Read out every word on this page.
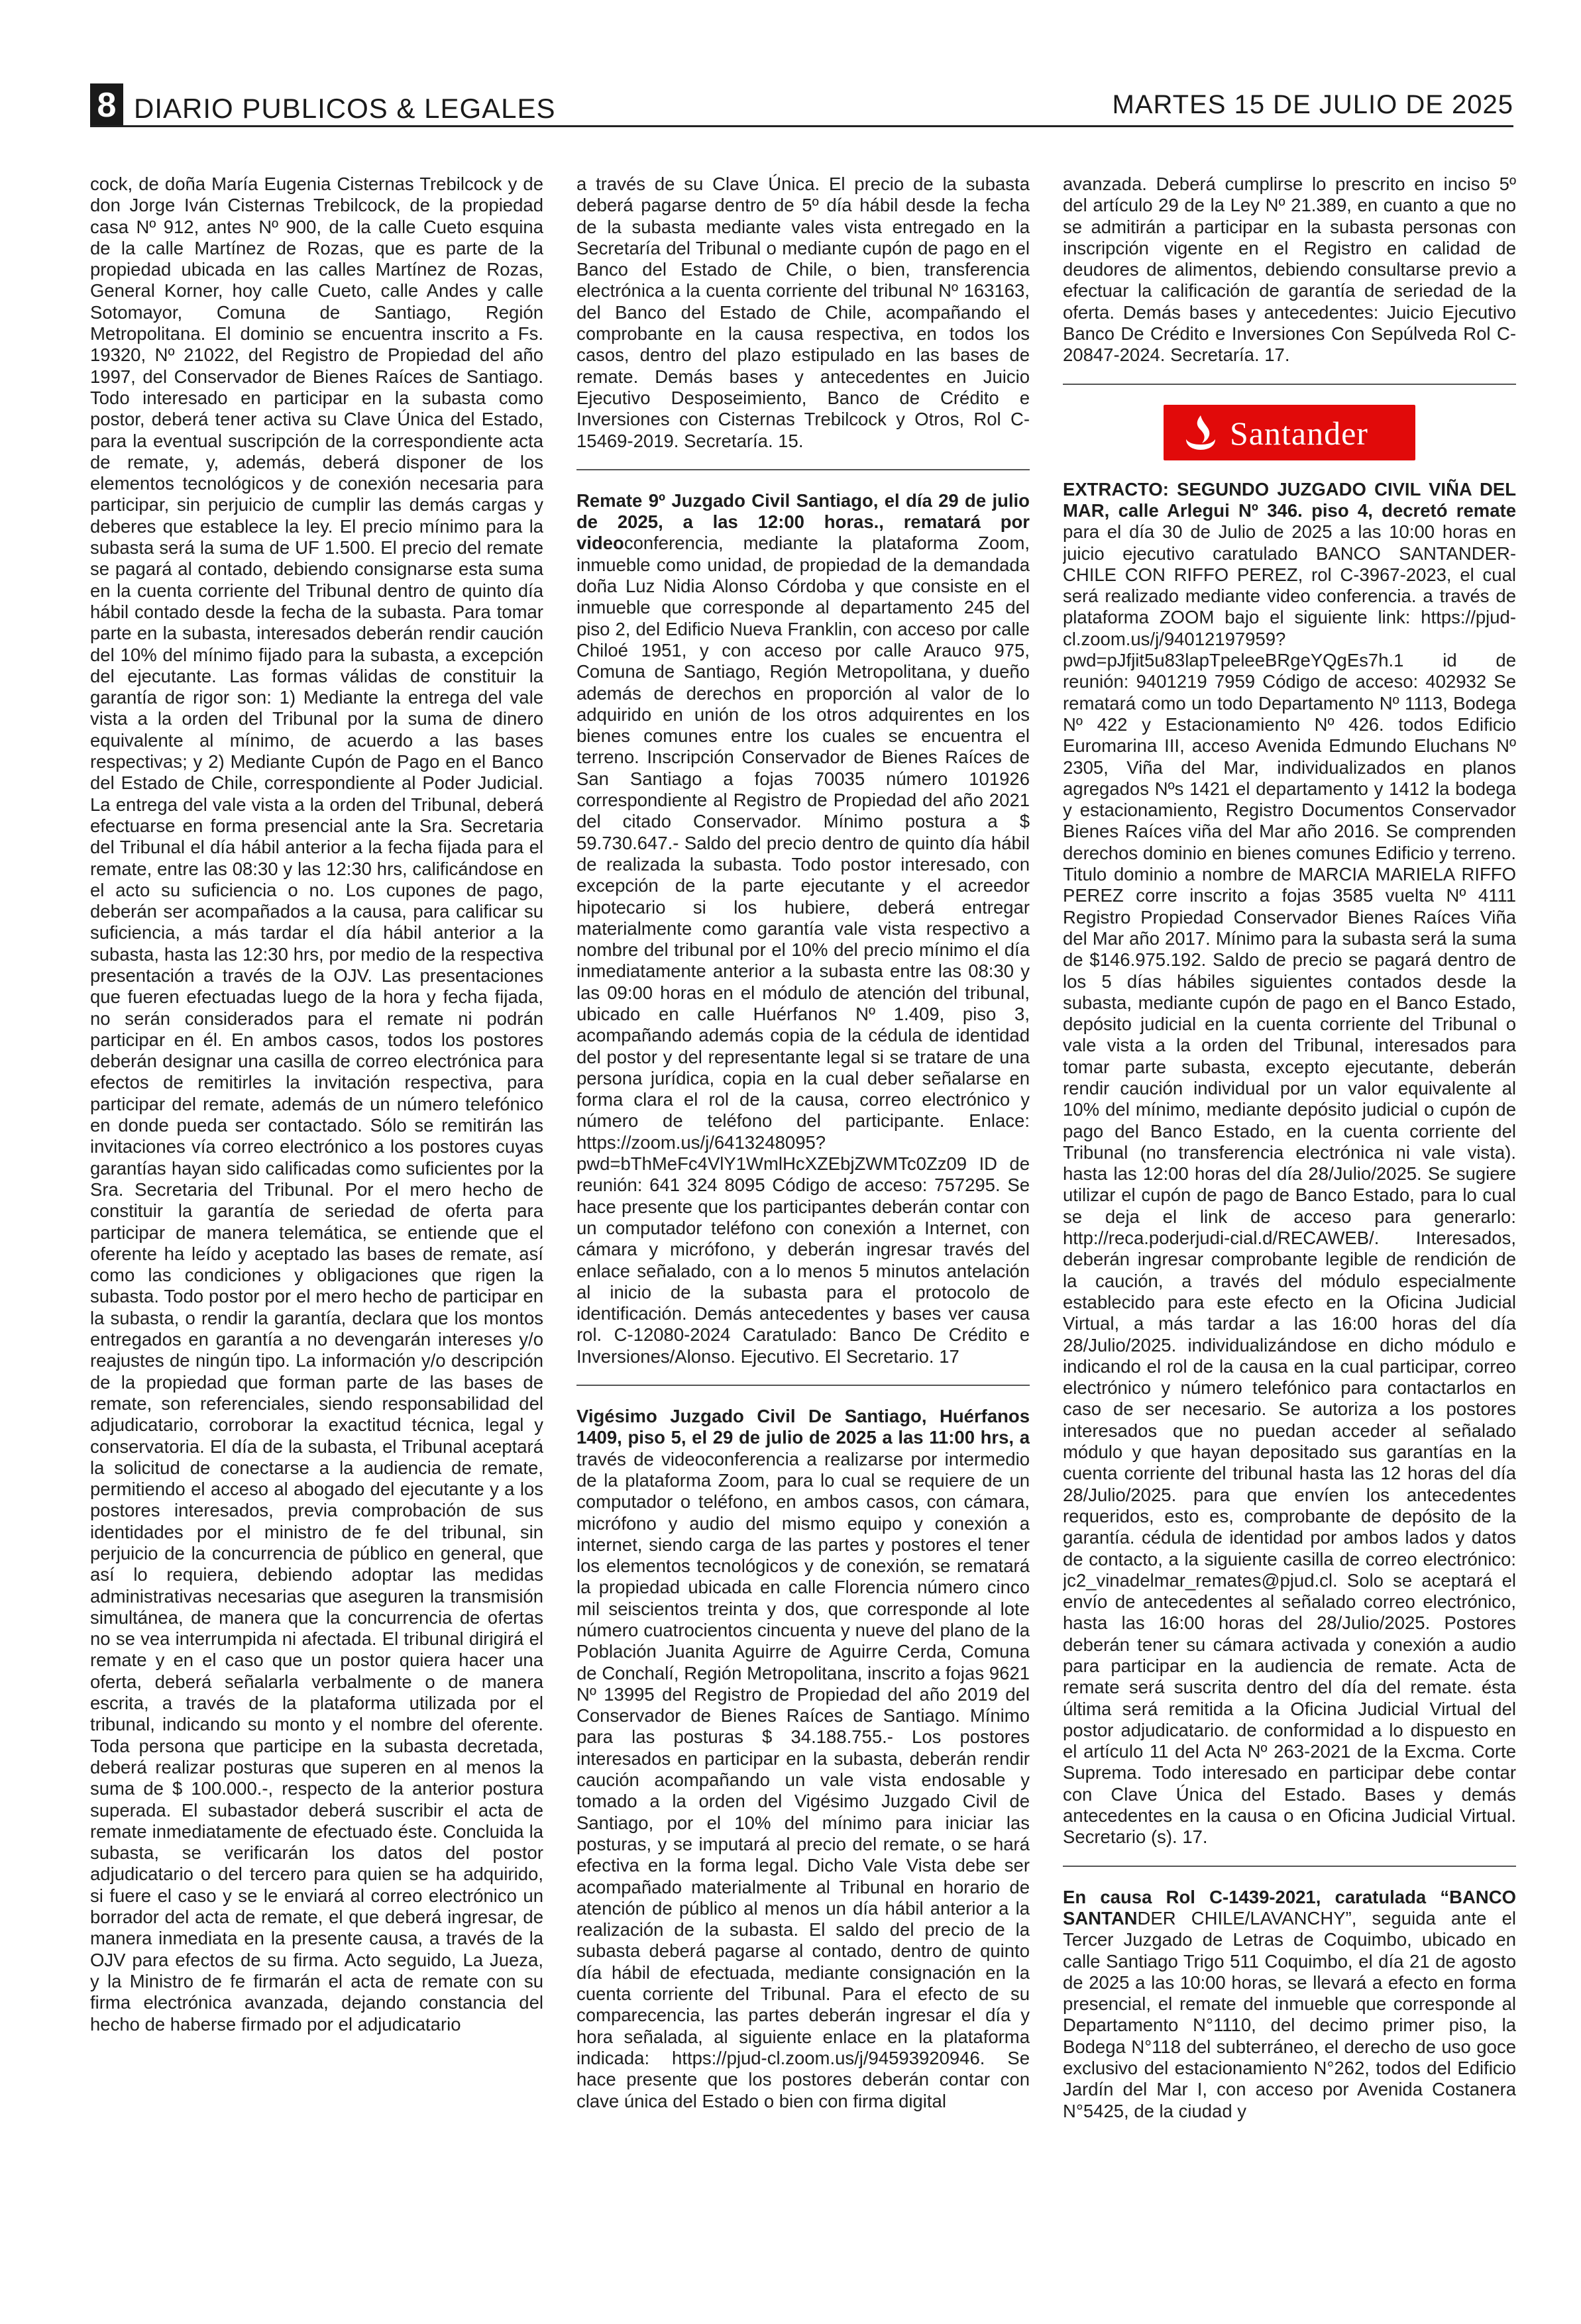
8 DIARIO PUBLICOS & LEGALES	MARTES 15 DE JULIO DE 2025

cock, de doña María Eugenia Cisternas Trebilcock y de don Jorge Iván Cisternas Trebilcock, de la propiedad casa Nº 912, antes Nº 900, de la calle Cueto esquina de la calle Martínez de Rozas, que es parte de la propiedad ubicada en las calles Martínez de Rozas, General Korner, hoy calle Cueto, calle Andes y calle Sotomayor, Comuna de Santiago, Región Metropolitana. El dominio se encuentra inscrito a Fs. 19320, Nº 21022, del Registro de Propiedad del año 1997, del Conservador de Bienes Raíces de Santiago. Todo interesado en participar en la subasta como postor, deberá tener activa su Clave Única del Estado, para la eventual suscripción de la correspondiente acta de remate, y, además, deberá disponer de los elementos tecnológicos y de conexión necesaria para participar, sin perjuicio de cumplir las demás cargas y deberes que establece la ley. El precio mínimo para la subasta será la suma de UF 1.500. El precio del remate se pagará al contado, debiendo consignarse esta suma en la cuenta corriente del Tribunal dentro de quinto día hábil contado desde la fecha de la subasta. Para tomar parte en la subasta, interesados deberán rendir caución del 10% del mínimo fijado para la subasta, a excepción del ejecutante. Las formas válidas de constituir la garantía de rigor son: 1) Mediante la entrega del vale vista a la orden del Tribunal por la suma de dinero equivalente al mínimo, de acuerdo a las bases respectivas; y 2) Mediante Cupón de Pago en el Banco del Estado de Chile, correspondiente al Poder Judicial. La entrega del vale vista a la orden del Tribunal, deberá efectuarse en forma presencial ante la Sra. Secretaria del Tribunal el día hábil anterior a la fecha fijada para el remate, entre las 08:30 y las 12:30 hrs, calificándose en el acto su suficiencia o no. Los cupones de pago, deberán ser acompañados a la causa, para calificar su suficiencia, a más tardar el día hábil anterior a la subasta, hasta las 12:30 hrs, por medio de la respectiva presentación a través de la OJV. Las presentaciones que fueren efectuadas luego de la hora y fecha fijada, no serán considerados para el remate ni podrán participar en él. En ambos casos, todos los postores deberán designar una casilla de correo electrónica para efectos de remitirles la invitación respectiva, para participar del remate, además de un número telefónico en donde pueda ser contactado. Sólo se remitirán las invitaciones vía correo electrónico a los postores cuyas garantías hayan sido calificadas como suficientes por la Sra. Secretaria del Tribunal. Por el mero hecho de constituir la garantía de seriedad de oferta para participar de manera telemática, se entiende que el oferente ha leído y aceptado las bases de remate, así como las condiciones y obligaciones que rigen la subasta. Todo postor por el mero hecho de participar en la subasta, o rendir la garantía, declara que los montos entregados en garantía a no devengarán intereses y/o reajustes de ningún tipo. La información y/o descripción de la propiedad que forman parte de las bases de remate, son referenciales, siendo responsabilidad del adjudicatario, corroborar la exactitud técnica, legal y conservatoria. El día de la subasta, el Tribunal aceptará la solicitud de conectarse a la audiencia de remate, permitiendo el acceso al abogado del ejecutante y a los postores interesados, previa comprobación de sus identidades por el ministro de fe del tribunal, sin perjuicio de la concurrencia de público en general, que así lo requiera, debiendo adoptar las medidas administrativas necesarias que aseguren la transmisión simultánea, de manera que la concurrencia de ofertas no se vea interrumpida ni afectada. El tribunal dirigirá el remate y en el caso que un postor quiera hacer una oferta, deberá señalarla verbalmente o de manera escrita, a través de la plataforma utilizada por el tribunal, indicando su monto y el nombre del oferente. Toda persona que participe en la subasta decretada, deberá realizar posturas que superen en al menos la suma de $ 100.000.-, respecto de la anterior postura superada. El subastador deberá suscribir el acta de remate inmediatamente de efectuado éste. Concluida la subasta, se verificarán los datos del postor adjudicatario o del tercero para quien se ha adquirido, si fuere el caso y se le enviará al correo electrónico un borrador del acta de remate, el que deberá ingresar, de manera inmediata en la presente causa, a través de la OJV para efectos de su firma. Acto seguido, La Jueza, y la Ministro de fe firmarán el acta de remate con su firma electrónica avanzada, dejando constancia del hecho de haberse firmado por el adjudicatario

a través de su Clave Única. El precio de la subasta deberá pagarse dentro de 5º día hábil desde la fecha de la subasta mediante vales vista entregado en la Secretaría del Tribunal o mediante cupón de pago en el Banco del Estado de Chile, o bien, transferencia electrónica a la cuenta corriente del tribunal Nº 163163, del Banco del Estado de Chile, acompañando el comprobante en la causa respectiva, en todos los casos, dentro del plazo estipulado en las bases de remate. Demás bases y antecedentes en Juicio Ejecutivo Desposeimiento, Banco de Crédito e Inversiones con Cisternas Trebilcock y Otros, Rol C-15469-2019. Secretaría. 15.

Remate 9º Juzgado Civil Santiago, el día 29 de julio de 2025, a las 12:00 horas., rematará por videoconferencia, mediante la plataforma Zoom, inmueble como unidad, de propiedad de la demandada doña Luz Nidia Alonso Córdoba y que consiste en el inmueble que corresponde al departamento 245 del piso 2, del Edificio Nueva Franklin, con acceso por calle Chiloé 1951, y con acceso por calle Arauco 975, Comuna de Santiago, Región Metropolitana, y dueño además de derechos en proporción al valor de lo adquirido en unión de los otros adquirentes en los bienes comunes entre los cuales se encuentra el terreno. Inscripción Conservador de Bienes Raíces de San Santiago a fojas 70035 número 101926 correspondiente al Registro de Propiedad del año 2021 del citado Conservador. Mínimo postura a $ 59.730.647.- Saldo del precio dentro de quinto día hábil de realizada la subasta. Todo postor interesado, con excepción de la parte ejecutante y el acreedor hipotecario si los hubiere, deberá entregar materialmente como garantía vale vista respectivo a nombre del tribunal por el 10% del precio mínimo el día inmediatamente anterior a la subasta entre las 08:30 y las 09:00 horas en el módulo de atención del tribunal, ubicado en calle Huérfanos Nº 1.409, piso 3, acompañando además copia de la cédula de identidad del postor y del representante legal si se tratare de una persona jurídica, copia en la cual deber señalarse en forma clara el rol de la causa, correo electrónico y número de teléfono del participante. Enlace: https://zoom.us/j/6413248095?pwd=bThMeFc4VlY1WmlHcXZEbjZWMTc0Zz09 ID de reunión: 641 324 8095 Código de acceso: 757295. Se hace presente que los participantes deberán contar con un computador teléfono con conexión a Internet, con cámara y micrófono, y deberán ingresar través del enlace señalado, con a lo menos 5 minutos antelación al inicio de la subasta para el protocolo de identificación. Demás antecedentes y bases ver causa rol. C-12080-2024 Caratulado: Banco De Crédito e Inversiones/Alonso. Ejecutivo. El Secretario. 17

Vigésimo Juzgado Civil De Santiago, Huérfanos 1409, piso 5, el 29 de julio de 2025 a las 11:00 hrs, a través de videoconferencia a realizarse por intermedio de la plataforma Zoom, para lo cual se requiere de un computador o teléfono, en ambos casos, con cámara, micrófono y audio del mismo equipo y conexión a internet, siendo carga de las partes y postores el tener los elementos tecnológicos y de conexión, se rematará la propiedad ubicada en calle Florencia número cinco mil seiscientos treinta y dos, que corresponde al lote número cuatrocientos cincuenta y nueve del plano de la Población Juanita Aguirre de Aguirre Cerda, Comuna de Conchalí, Región Metropolitana, inscrito a fojas 9621 Nº 13995 del Registro de Propiedad del año 2019 del Conservador de Bienes Raíces de Santiago. Mínimo para las posturas $ 34.188.755.- Los postores interesados en participar en la subasta, deberán rendir caución acompañando un vale vista endosable y tomado a la orden del Vigésimo Juzgado Civil de Santiago, por el 10% del mínimo para iniciar las posturas, y se imputará al precio del remate, o se hará efectiva en la forma legal. Dicho Vale Vista debe ser acompañado materialmente al Tribunal en horario de atención de público al menos un día hábil anterior a la realización de la subasta. El saldo del precio de la subasta deberá pagarse al contado, dentro de quinto día hábil de efectuada, mediante consignación en la cuenta corriente del Tribunal. Para el efecto de su comparecencia, las partes deberán ingresar el día y hora señalada, al siguiente enlace en la plataforma indicada: https://pjud-cl.zoom.us/j/94593920946. Se hace presente que los postores deberán contar con clave única del Estado o bien con firma digital

avanzada. Deberá cumplirse lo prescrito en inciso 5º del artículo 29 de la Ley Nº 21.389, en cuanto a que no se admitirán a participar en la subasta personas con inscripción vigente en el Registro en calidad de deudores de alimentos, debiendo consultarse previo a efectuar la calificación de garantía de seriedad de la oferta. Demás bases y antecedentes: Juicio Ejecutivo Banco De Crédito e Inversiones Con Sepúlveda Rol C-20847-2024. Secretaría. 17.

Santander

EXTRACTO: SEGUNDO JUZGADO CIVIL VIÑA DEL MAR, calle Arlegui Nº 346. piso 4, decretó remate para el día 30 de Julio de 2025 a las 10:00 horas en juicio ejecutivo caratulado BANCO SANTANDER-CHILE CON RIFFO PEREZ, rol C-3967-2023, el cual será realizado mediante video conferencia. a través de plataforma ZOOM bajo el siguiente link: https://pjud-cl.zoom.us/j/94012197959?pwd=pJfjit5u83lapTpeleeBRgeYQgEs7h.1 id de reunión: 9401219 7959 Código de acceso: 402932 Se rematará como un todo Departamento Nº 1113, Bodega Nº 422 y Estacionamiento Nº 426. todos Edificio Euromarina III, acceso Avenida Edmundo Eluchans Nº 2305, Viña del Mar, individualizados en planos agregados Nºs 1421 el departamento y 1412 la bodega y estacionamiento, Registro Documentos Conservador Bienes Raíces viña del Mar año 2016. Se comprenden derechos dominio en bienes comunes Edificio y terreno. Titulo dominio a nombre de MARCIA MARIELA RIFFO PEREZ corre inscrito a fojas 3585 vuelta Nº 4111 Registro Propiedad Conservador Bienes Raíces Viña del Mar año 2017. Mínimo para la subasta será la suma de $146.975.192. Saldo de precio se pagará dentro de los 5 días hábiles siguientes contados desde la subasta, mediante cupón de pago en el Banco Estado, depósito judicial en la cuenta corriente del Tribunal o vale vista a la orden del Tribunal, interesados para tomar parte subasta, excepto ejecutante, deberán rendir caución individual por un valor equivalente al 10% del mínimo, mediante depósito judicial o cupón de pago del Banco Estado, en la cuenta corriente del Tribunal (no transferencia electrónica ni vale vista). hasta las 12:00 horas del día 28/Julio/2025. Se sugiere utilizar el cupón de pago de Banco Estado, para lo cual se deja el link de acceso para generarlo: http://reca.poderjudi-cial.d/RECAWEB/. Interesados, deberán ingresar comprobante legible de rendición de la caución, a través del módulo especialmente establecido para este efecto en la Oficina Judicial Virtual, a más tardar a las 16:00 horas del día 28/Julio/2025. individualizándose en dicho módulo e indicando el rol de la causa en la cual participar, correo electrónico y número telefónico para contactarlos en caso de ser necesario. Se autoriza a los postores interesados que no puedan acceder al señalado módulo y que hayan depositado sus garantías en la cuenta corriente del tribunal hasta las 12 horas del día 28/Julio/2025. para que envíen los antecedentes requeridos, esto es, comprobante de depósito de la garantía. cédula de identidad por ambos lados y datos de contacto, a la siguiente casilla de correo electrónico: jc2_vinadelmar_remates@pjud.cl. Solo se aceptará el envío de antecedentes al señalado correo electrónico, hasta las 16:00 horas del 28/Julio/2025. Postores deberán tener su cámara activada y conexión a audio para participar en la audiencia de remate. Acta de remate será suscrita dentro del día del remate. ésta última será remitida a la Oficina Judicial Virtual del postor adjudicatario. de conformidad a lo dispuesto en el artículo 11 del Acta Nº 263-2021 de la Excma. Corte Suprema. Todo interesado en participar debe contar con Clave Única del Estado. Bases y demás antecedentes en la causa o en Oficina Judicial Virtual. Secretario (s). 17.

En causa Rol C-1439-2021, caratulada “BANCO SANTANDER CHILE/LAVANCHY”, seguida ante el Tercer Juzgado de Letras de Coquimbo, ubicado en calle Santiago Trigo 511 Coquimbo, el día 21 de agosto de 2025 a las 10:00 horas, se llevará a efecto en forma presencial, el remate del inmueble que corresponde al Departamento N°1110, del decimo primer piso, la Bodega N°118 del subterráneo, el derecho de uso goce exclusivo del estacionamiento N°262, todos del Edificio Jardín del Mar I, con acceso por Avenida Costanera N°5425, de la ciudad y
